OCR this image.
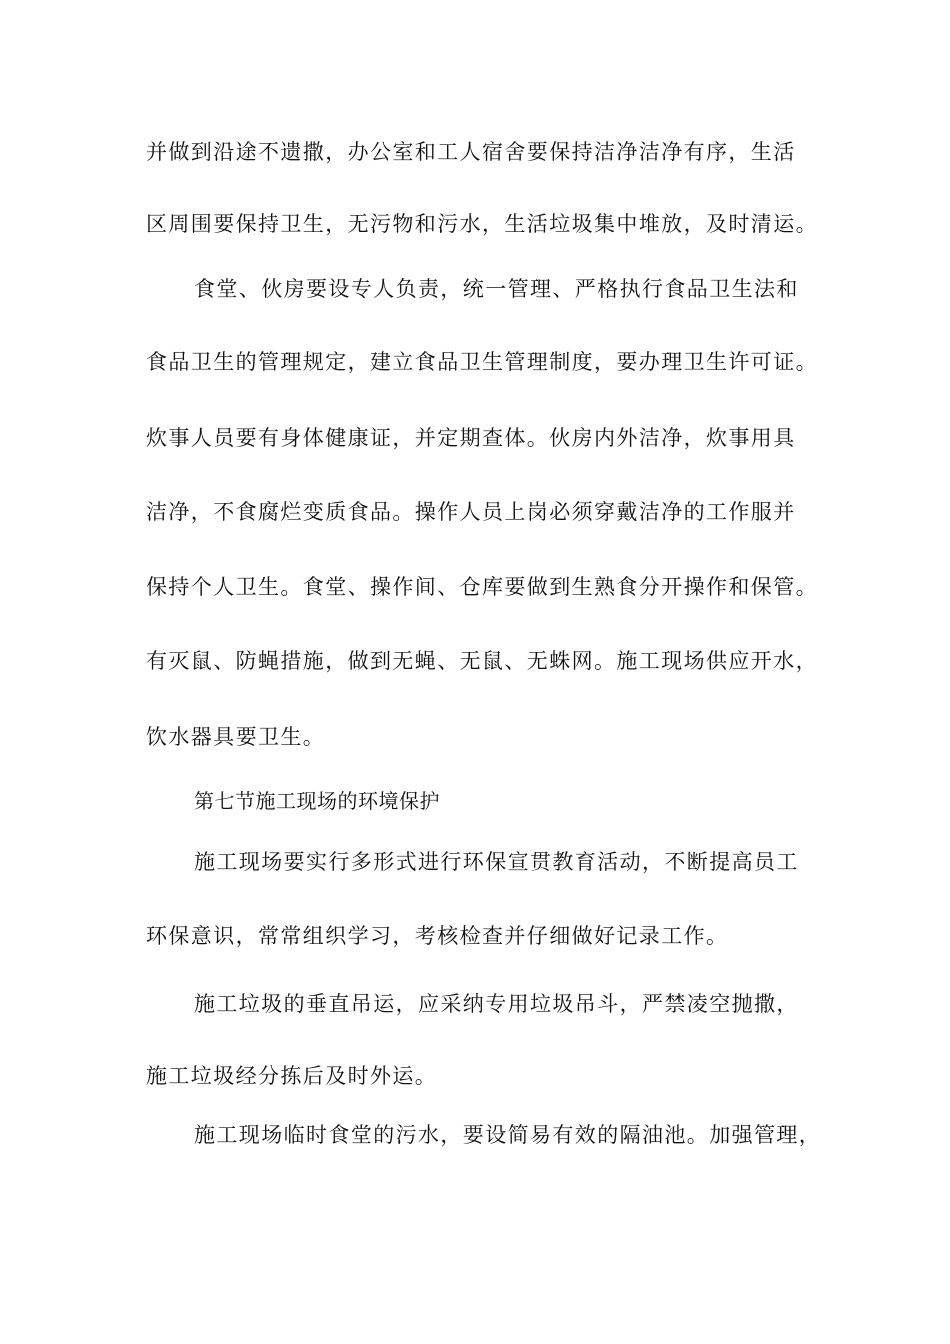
并做到沿途不遗撒，办公室和工人宿舍要保持洁净洁净有序，生活
区周围要保持卫生，无污物和污水，生活垃圾集中堆放，及时清运。
食堂、伙房要设专人负责，统一管理、严格执行食品卫生法和
食品卫生的管理规定，建立食品卫生管理制度，要办理卫生许可证。
炊事人员要有身体健康证，并定期查体。伙房内外洁净，炊事用具
洁净，不食腐烂变质食品。操作人员上岗必须穿戴洁净的工作服并
保持个人卫生。食堂、操作间、仓库要做到生熟食分开操作和保管。
有灭鼠、防蝇措施，做到无蝇、无鼠、无蛛网。施工现场供应开水，
饮水器具要卫生。
第七节施工现场的环境保护
施工现场要实行多形式进行环保宣贯教育活动，不断提高员工
环保意识，常常组织学习，考核检查并仔细做好记录工作。
施工垃圾的垂直吊运，应采纳专用垃圾吊斗，严禁凌空抛撒，
施工垃圾经分拣后及时外运。
施工现场临时食堂的污水，要设简易有效的隔油池。加强管理，
